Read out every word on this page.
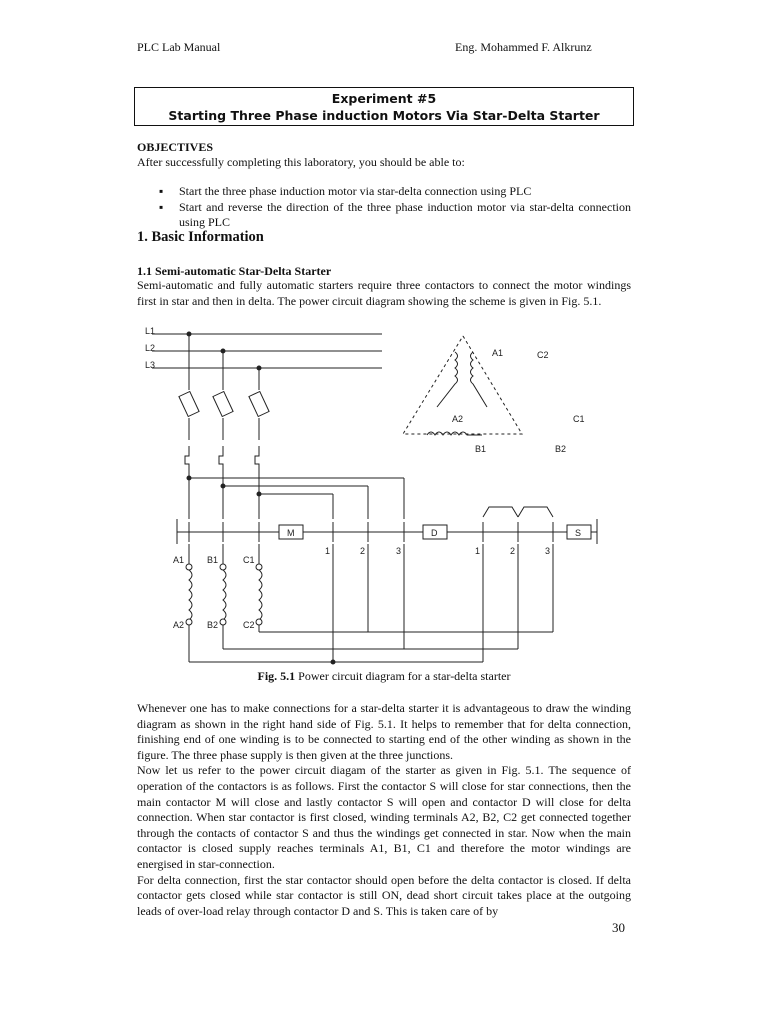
PLC Lab Manual	Eng. Mohammed F. Alkrunz
Experiment #5
Starting Three Phase induction Motors Via Star-Delta Starter
OBJECTIVES
After successfully completing this laboratory, you should be able to:
▪ Start the three phase induction motor via star-delta connection using PLC
▪ Start and reverse the direction of the three phase induction motor via star-delta connection using PLC
1. Basic Information
1.1 Semi-automatic Star-Delta Starter
Semi-automatic and fully automatic starters require three contactors to connect the motor windings first in star and then in delta. The power circuit diagram showing the scheme is given in Fig. 5.1.
L1
L2
L3
M	D	S
A1	B1	C1
A2	B2	C2
1	2	3	1	2	3
A1	C2
A2	C1
B1	B2
Fig. 5.1 Power circuit diagram for a star-delta starter

Whenever one has to make connections for a star-delta starter it is advantageous to draw the winding diagram as shown in the right hand side of Fig. 5.1. It helps to remember that for delta connection, finishing end of one winding is to be connected to starting end of the other winding as shown in the figure. The three phase supply is then given at the three junctions.

Now let us refer to the power circuit diagam of the starter as given in Fig. 5.1. The sequence of operation of the contactors is as follows. First the contactor S will close for star connections, then the main contactor M will close and lastly contactor S will open and contactor D will close for delta connection. When star contactor is first closed, winding terminals A2, B2, C2 get connected together through the contacts of contactor S and thus the windings get connected in star. Now when the main contactor is closed supply reaches terminals A1, B1, C1 and therefore the motor windings are energised in star-connection.

For delta connection, first the star contactor should open before the delta contactor is closed. If delta contactor gets closed while star contactor is still ON, dead short circuit takes place at the outgoing leads of over-load relay through contactor D and S. This is taken care of by

30
